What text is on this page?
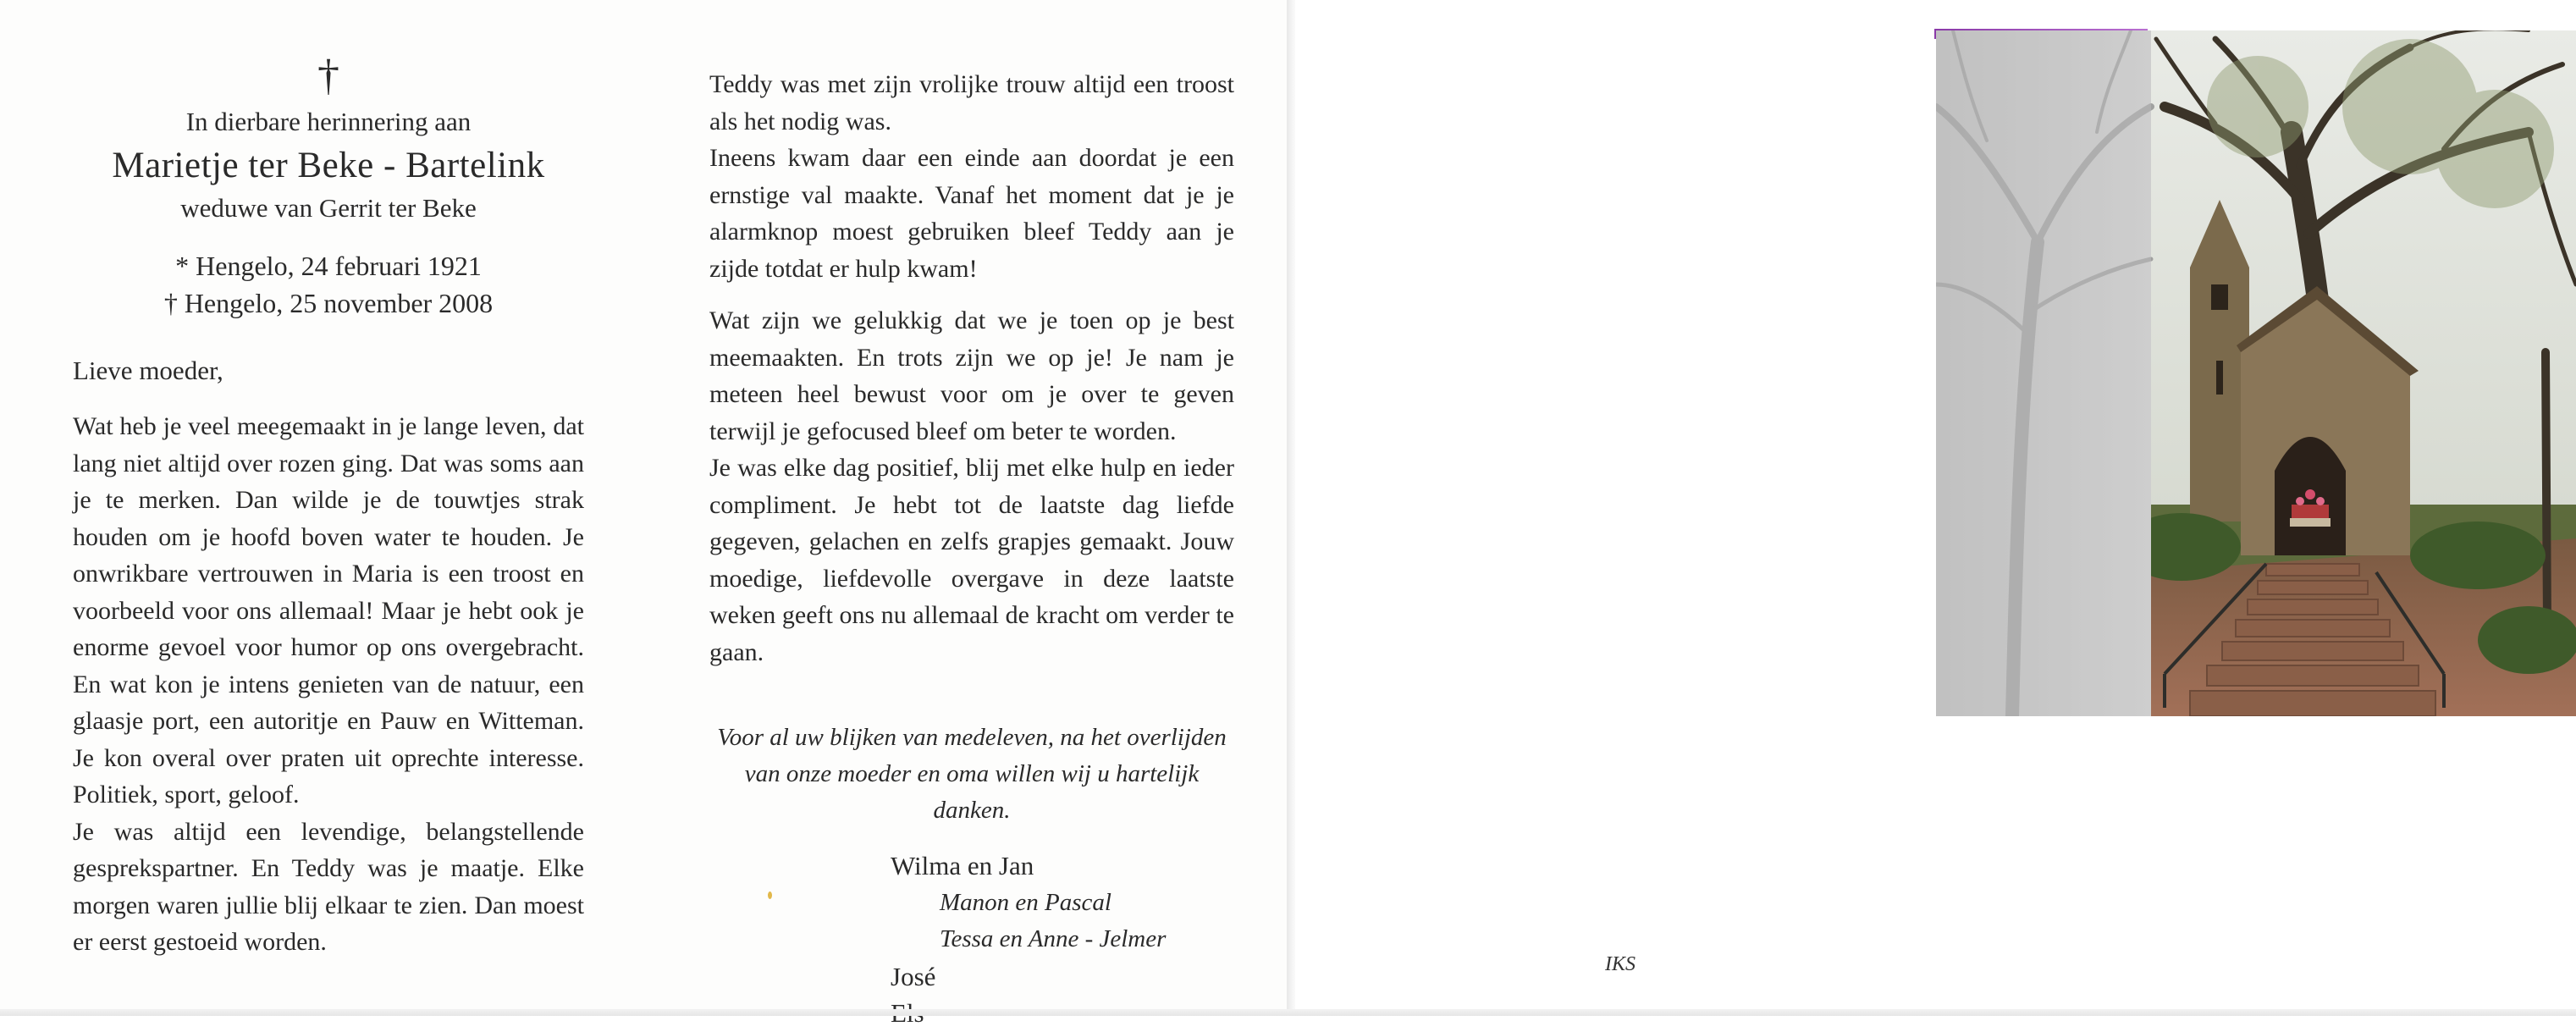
†
In dierbare herinnering aan
Marietje ter Beke - Bartelink
weduwe van Gerrit ter Beke
* Hengelo, 24 februari 1921
† Hengelo, 25 november 2008
Lieve moeder,

Wat heb je veel meegemaakt in je lange leven, dat lang niet altijd over rozen ging. Dat was soms aan je te merken. Dan wilde je de touwtjes strak houden om je hoofd boven water te houden. Je onwrikbare vertrouwen in Maria is een troost en voorbeeld voor ons allemaal! Maar je hebt ook je enorme gevoel voor humor op ons overgebracht. En wat kon je intens genieten van de natuur, een glaasje port, een autoritje en Pauw en Witteman. Je kon overal over praten uit oprechte interesse. Politiek, sport, geloof.

Je was altijd een levendige, belangstellende gesprekspartner. En Teddy was je maatje. Elke morgen waren jullie blij elkaar te zien. Dan moest er eerst gestoeid worden.

Teddy was met zijn vrolijke trouw altijd een troost als het nodig was.

Ineens kwam daar een einde aan doordat je een ernstige val maakte. Vanaf het moment dat je je alarmknop moest gebruiken bleef Teddy aan je zijde totdat er hulp kwam!

Wat zijn we gelukkig dat we je toen op je best meemaakten. En trots zijn we op je! Je nam je meteen heel bewust voor om je over te geven terwijl je gefocused bleef om beter te worden.

Je was elke dag positief, blij met elke hulp en ieder compliment. Je hebt tot de laatste dag liefde gegeven, gelachen en zelfs grapjes gemaakt. Jouw moedige, liefdevolle overgave in deze laatste weken geeft ons nu allemaal de kracht om verder te gaan.

Voor al uw blijken van medeleven, na het overlijden van onze moeder en oma willen wij u hartelijk danken.
Wilma en Jan
Manon en Pascal
Tessa en Anne - Jelmer
José	IKS
